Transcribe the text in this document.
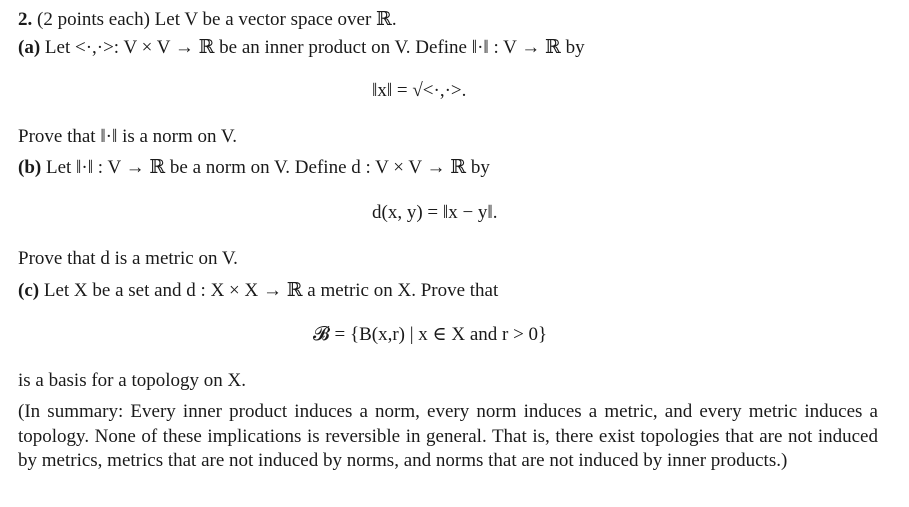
2. (2 points each) Let V be a vector space over ℝ.
(a) Let <·,·>: V × V → ℝ be an inner product on V. Define ‖·‖ : V → ℝ by
‖x‖ = √<·,·>.
Prove that ‖·‖ is a norm on V.
(b) Let ‖·‖ : V → ℝ be a norm on V. Define d : V × V → ℝ by
d(x, y) = ‖x − y‖.
Prove that d is a metric on V.
(c) Let X be a set and d : X × X → ℝ a metric on X. Prove that
𝓑 = {B(x,r) | x ∈ X and r > 0}
is a basis for a topology on X.
(In summary: Every inner product induces a norm, every norm induces a metric, and every metric induces a topology. None of these implications is reversible in general. That is, there exist topologies that are not induced by metrics, metrics that are not induced by norms, and norms that are not induced by inner products.)
